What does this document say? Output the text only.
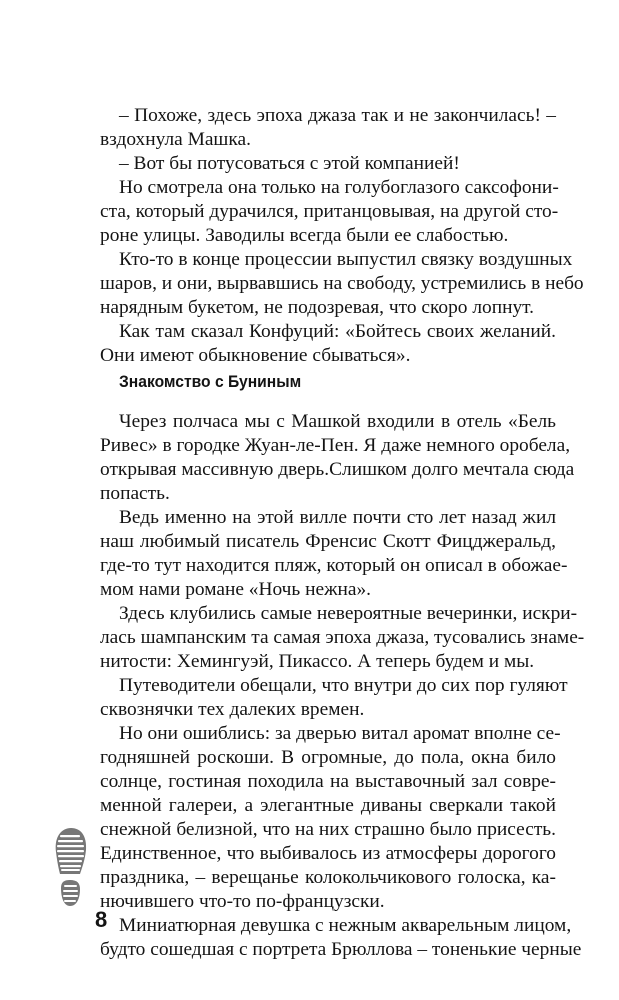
– Похоже, здесь эпоха джаза так и не закончилась! –
вздохнула Машка.
– Вот бы потусоваться с этой компанией!
Но смотрела она только на голубоглазого саксофони-
ста, который дурачился, пританцовывая, на другой сто-
роне улицы. Заводилы всегда были ее слабостью.
Кто-то в конце процессии выпустил связку воздушных
шаров, и они, вырвавшись на свободу, устремились в небо
нарядным букетом, не подозревая, что скоро лопнут.
Как там сказал Конфуций: «Бойтесь своих желаний.
Они имеют обыкновение сбываться».
Знакомство с Буниным
Через полчаса мы с Машкой входили в отель «Бель
Ривес» в городке Жуан-ле-Пен. Я даже немного оробела,
открывая массивную дверь.Слишком долго мечтала сюда
попасть.
Ведь именно на этой вилле почти сто лет назад жил
наш любимый писатель Френсис Скотт Фицджеральд,
где-то тут находится пляж, который он описал в обожае-
мом нами романе «Ночь нежна».
Здесь клубились самые невероятные вечеринки, искри-
лась шампанским та самая эпоха джаза, тусовались знаме-
нитости: Хемингуэй, Пикассо. А теперь будем и мы.
Путеводители обещали, что внутри до сих пор гуляют
сквознячки тех далеких времен.
Но они ошиблись: за дверью витал аромат вполне се-
годняшней роскоши. В огромные, до пола, окна било
солнце, гостиная походила на выставочный зал совре-
менной галереи, а элегантные диваны сверкали такой
снежной белизной, что на них страшно было присесть.
Единственное, что выбивалось из атмосферы дорогого
праздника, – верещанье колокольчикового голоска, ка-
нючившего что-то по-французски.
Миниатюрная девушка с нежным акварельным лицом,
будто сошедшая с портрета Брюллова – тоненькие черные
8
